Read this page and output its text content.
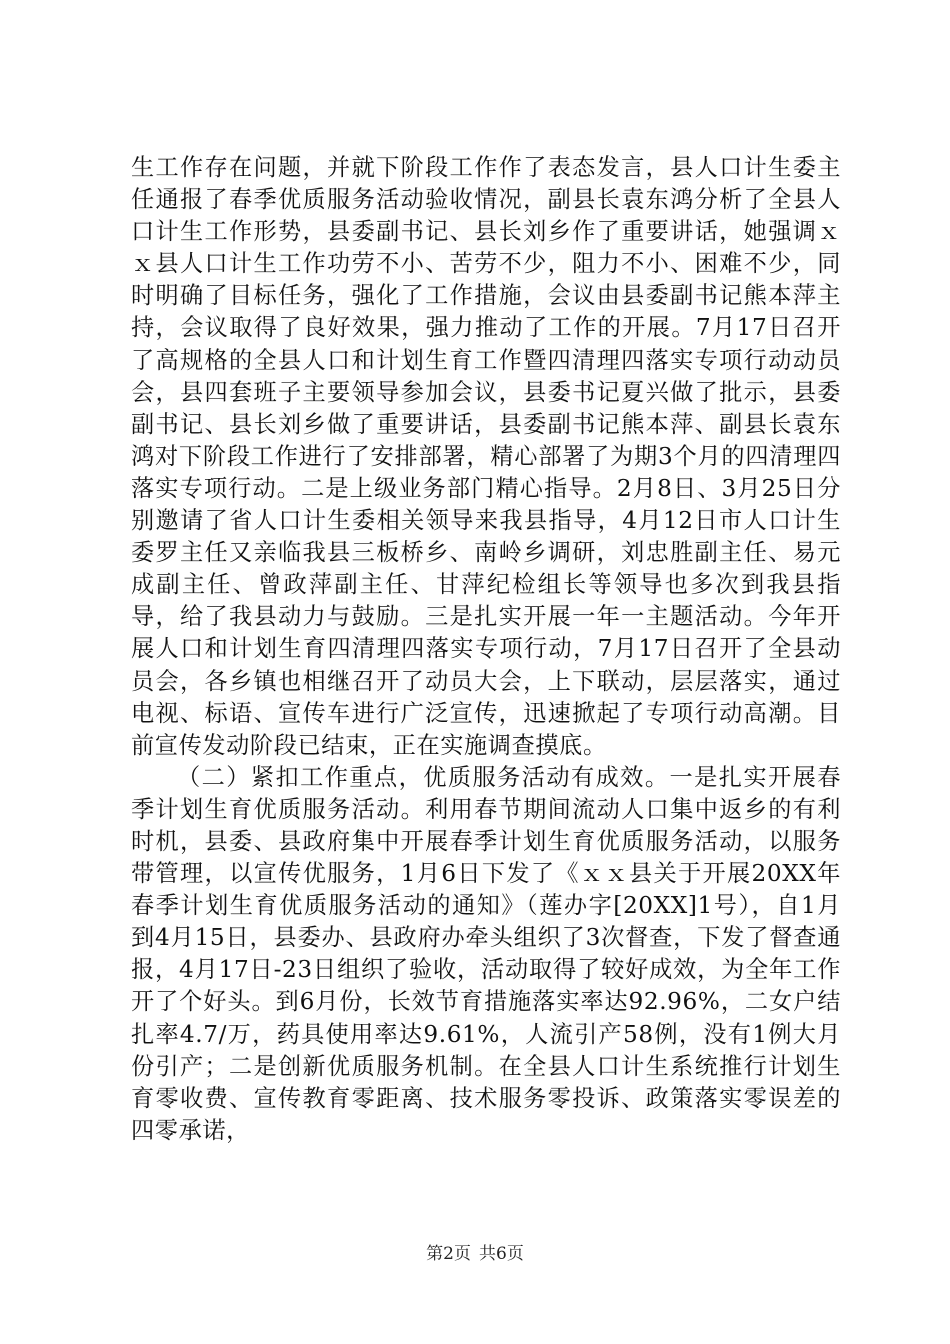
生工作存在问题，并就下阶段工作作了表态发言，县人口计生委主任通报了春季优质服务活动验收情况，副县长袁东鸿分析了全县人口计生工作形势，县委副书记、县长刘乡作了重要讲话，她强调ｘｘ县人口计生工作功劳不小、苦劳不少，阻力不小、困难不少，同时明确了目标任务，强化了工作措施，会议由县委副书记熊本萍主持，会议取得了良好效果，强力推动了工作的开展。7月17日召开了高规格的全县人口和计划生育工作暨四清理四落实专项行动动员会，县四套班子主要领导参加会议，县委书记夏兴做了批示，县委副书记、县长刘乡做了重要讲话，县委副书记熊本萍、副县长袁东鸿对下阶段工作进行了安排部署，精心部署了为期3个月的四清理四落实专项行动。二是上级业务部门精心指导。2月8日、3月25日分别邀请了省人口计生委相关领导来我县指导，4月12日市人口计生委罗主任又亲临我县三板桥乡、南岭乡调研，刘忠胜副主任、易元成副主任、曾政萍副主任、甘萍纪检组长等领导也多次到我县指导，给了我县动力与鼓励。三是扎实开展一年一主题活动。今年开展人口和计划生育四清理四落实专项行动，7月17日召开了全县动员会，各乡镇也相继召开了动员大会，上下联动，层层落实，通过电视、标语、宣传车进行广泛宣传，迅速掀起了专项行动高潮。目前宣传发动阶段已结束，正在实施调查摸底。

（二）紧扣工作重点，优质服务活动有成效。一是扎实开展春季计划生育优质服务活动。利用春节期间流动人口集中返乡的有利时机，县委、县政府集中开展春季计划生育优质服务活动，以服务带管理，以宣传优服务，1月6日下发了《ｘｘ县关于开展20XX年春季计划生育优质服务活动的通知》（莲办字[20XX]1号），自1月到4月15日，县委办、县政府办牵头组织了3次督查，下发了督查通报，4月17日-23日组织了验收，活动取得了较好成效，为全年工作开了个好头。到6月份，长效节育措施落实率达92.96%，二女户结扎率4.7/万，药具使用率达9.61%，人流引产58例，没有1例大月份引产；二是创新优质服务机制。在全县人口计生系统推行计划生育零收费、宣传教育零距离、技术服务零投诉、政策落实零误差的四零承诺，

第2页 共6页
